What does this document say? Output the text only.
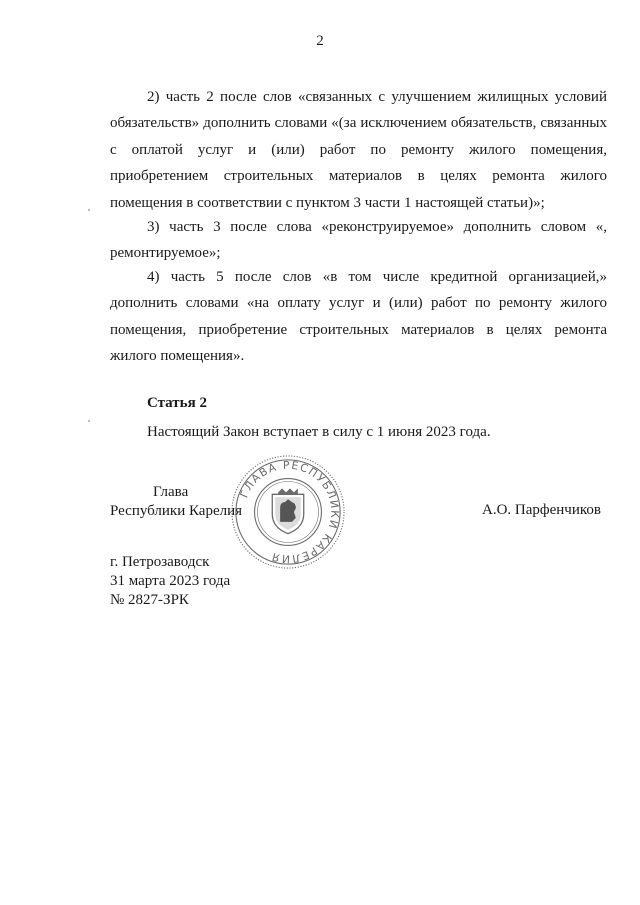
2
2) часть 2 после слов «связанных с улучшением жилищных условий обязательств» дополнить словами «(за исключением обязательств, связанных с оплатой услуг и (или) работ по ремонту жилого помещения, приобретением строительных материалов в целях ремонта жилого помещения в соответствии с пунктом 3 части 1 настоящей статьи)»;
3) часть 3 после слова «реконструируемое» дополнить словом «, ремонтируемое»;
4) часть 5 после слов «в том числе кредитной организацией,» дополнить словами «на оплату услуг и (или) работ по ремонту жилого помещения, приобретение строительных материалов в целях ремонта жилого помещения».
Статья 2
Настоящий Закон вступает в силу с 1 июня 2023 года.
Глава
Республики Карелия	А.О. Парфенчиков
ГЛАВА РЕСПУБЛИКИ КАРЕЛИЯ
г. Петрозаводск
31 марта 2023 года
№ 2827-ЗРК
